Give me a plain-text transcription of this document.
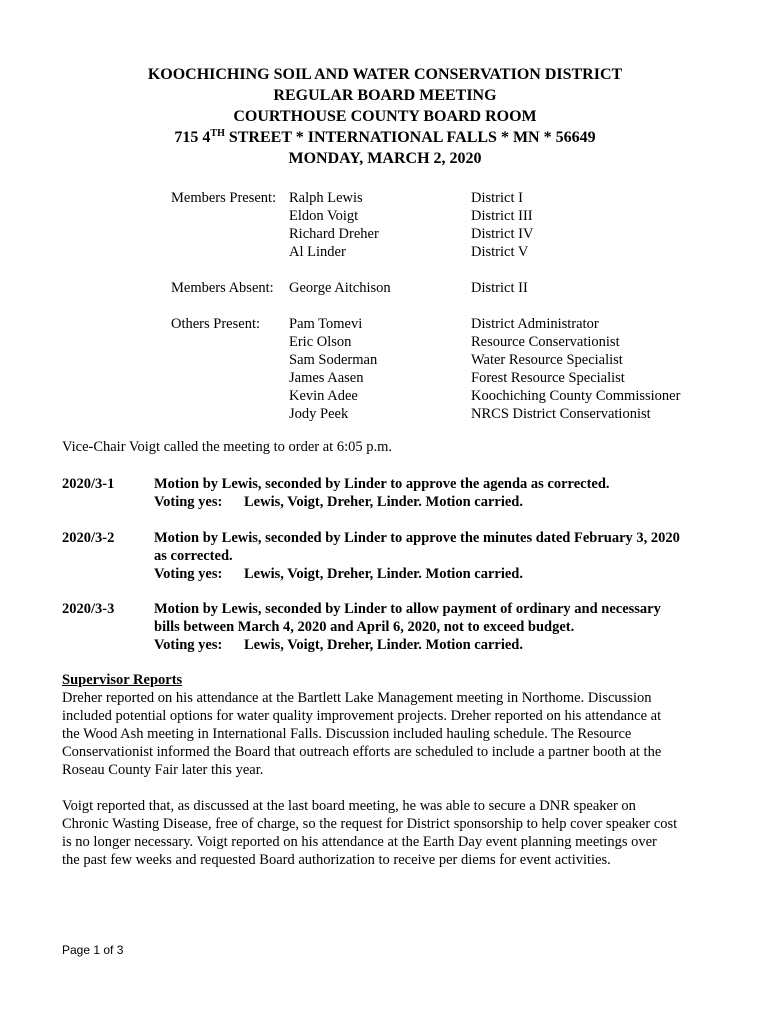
KOOCHICHING SOIL AND WATER CONSERVATION DISTRICT
REGULAR BOARD MEETING
COURTHOUSE COUNTY BOARD ROOM
715 4TH STREET * INTERNATIONAL FALLS * MN * 56649
MONDAY, MARCH 2, 2020
Members Present: Ralph Lewis	District I
Eldon Voigt	District III
Richard Dreher	District IV
Al Linder	District V
Members Absent: George Aitchison	District II
Others Present: Pam Tomevi	District Administrator
Eric Olson	Resource Conservationist
Sam Soderman	Water Resource Specialist
James Aasen	Forest Resource Specialist
Kevin Adee	Koochiching County Commissioner
Jody Peek	NRCS District Conservationist
Vice-Chair Voigt called the meeting to order at 6:05 p.m.
2020/3-1	Motion by Lewis, seconded by Linder to approve the agenda as corrected.
Voting yes: Lewis, Voigt, Dreher, Linder. Motion carried.
2020/3-2	Motion by Lewis, seconded by Linder to approve the minutes dated February 3, 2020
as corrected.
Voting yes: Lewis, Voigt, Dreher, Linder. Motion carried.
2020/3-3	Motion by Lewis, seconded by Linder to allow payment of ordinary and necessary
bills between March 4, 2020 and April 6, 2020, not to exceed budget.
Voting yes: Lewis, Voigt, Dreher, Linder. Motion carried.
Supervisor Reports
Dreher reported on his attendance at the Bartlett Lake Management meeting in Northome. Discussion
included potential options for water quality improvement projects. Dreher reported on his attendance at
the Wood Ash meeting in International Falls. Discussion included hauling schedule. The Resource
Conservationist informed the Board that outreach efforts are scheduled to include a partner booth at the
Roseau County Fair later this year.
Voigt reported that, as discussed at the last board meeting, he was able to secure a DNR speaker on
Chronic Wasting Disease, free of charge, so the request for District sponsorship to help cover speaker cost
is no longer necessary. Voigt reported on his attendance at the Earth Day event planning meetings over
the past few weeks and requested Board authorization to receive per diems for event activities.
Page 1 of 3
